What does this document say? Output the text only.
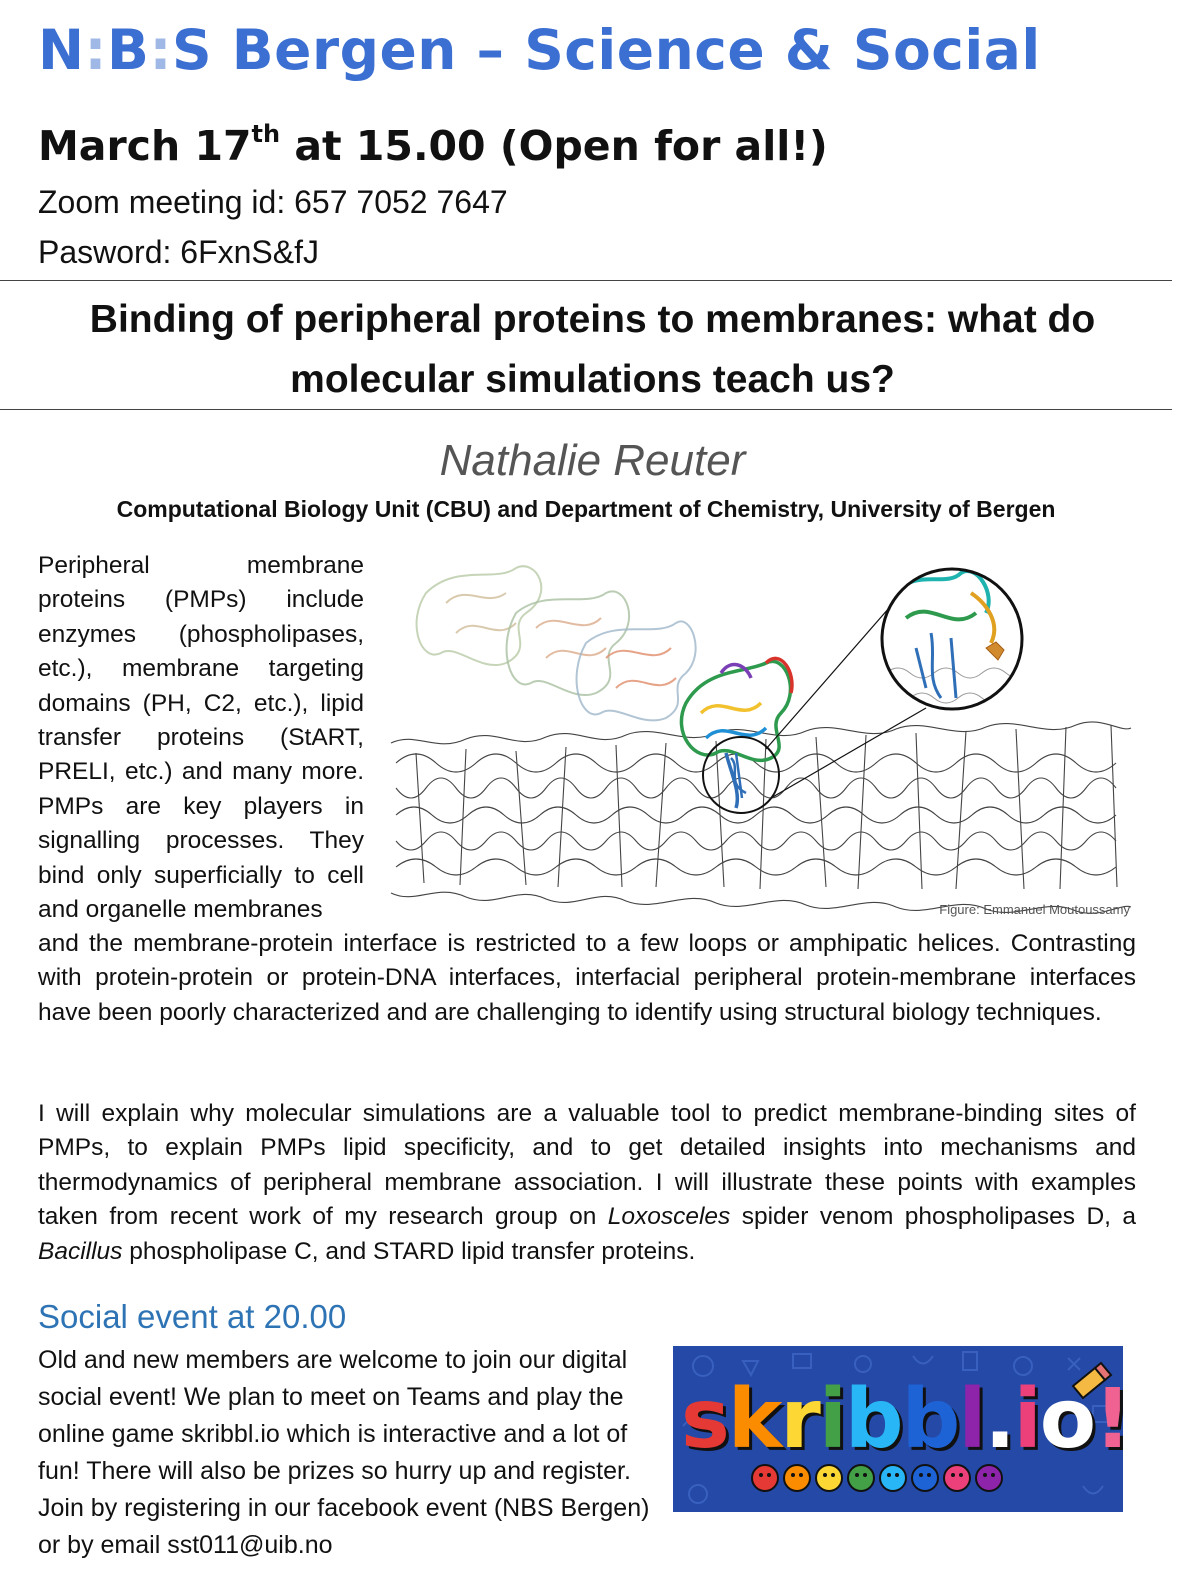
N:B:S Bergen – Science & Social
March 17th at 15.00 (Open for all!)
Zoom meeting id: 657 7052 7647
Pasword: 6FxnS&fJ
Binding of peripheral proteins to membranes: what do molecular simulations teach us?
Nathalie Reuter
Computational Biology Unit (CBU) and Department of Chemistry, University of Bergen
Peripheral membrane proteins (PMPs) include enzymes (phospholipases, etc.), membrane targeting domains (PH, C2, etc.), lipid transfer proteins (StART, PRELI, etc.) and many more. PMPs are key players in signalling processes. They bind only superficially to cell and organelle membranes	Figure: Emmanuel Moutoussamy
and the membrane-protein interface is restricted to a few loops or amphipatic helices. Contrasting with protein-protein or protein-DNA interfaces, interfacial peripheral protein-membrane interfaces have been poorly characterized and are challenging to identify using structural biology techniques.
I will explain why molecular simulations are a valuable tool to predict membrane-binding sites of PMPs, to explain PMPs lipid specificity, and to get detailed insights into mechanisms and thermodynamics of peripheral membrane association. I will illustrate these points with examples taken from recent work of my research group on Loxosceles spider venom phospholipases D, a Bacillus phospholipase C, and STARD lipid transfer proteins.
Social event at 20.00
Old and new members are welcome to join our digital social event! We plan to meet on Teams and play the online game skribbl.io which is interactive and a lot of fun! There will also be prizes so hurry up and register. Join by registering in our facebook event (NBS Bergen) or by email sst011@uib.no
skribbl.io!
